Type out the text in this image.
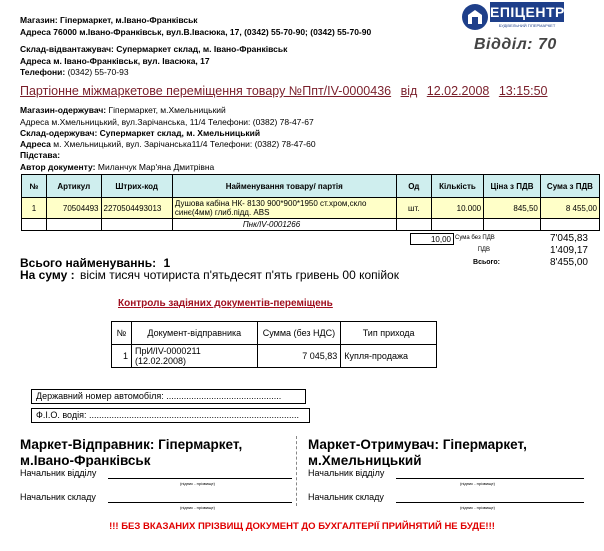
Магазин: Гіпермаркет, м.Івано-Франківськ
Адреса 76000 м.Івано-Франківськ, вул.В.Івасюка, 17, (0342) 55-70-90; (0342) 55-70-90
Склад-відвантажувач: Супермаркет склад, м. Івано-Франківськ
Адреса м. Івано-Франківськ, вул. Івасюка, 17
Телефони: (0342) 55-70-93
ЕПІЦЕНТР
БУДІВЕЛЬНИЙ ГІПЕРМАРКЕТ
Відділ: 70
Партіонне міжмаркетове переміщення товару №Ппт/IV-0000436 від 12.02.2008 13:15:50
Магазин-одержувач: Гіпермаркет, м.Хмельницький
Адреса м.Хмельницький, вул.Зарічанська, 11/4 Телефони: (0382) 78-47-67
Склад-одержувач: Супермаркет склад, м. Хмельницький
Адреса м. Хмельницький, вул. Зарічанська11/4 Телефони: (0382) 78-47-60
Підстава:
Автор документу: Миланчук Мар'яна Дмитрівна
№	Артикул	Штрих-код	Найменування товару/ партія	Од	Кількість	Ціна з ПДВ	Сума з ПДВ
1	70504493	2270504493013	Душова кабіна НК- 8130 900*900*1950 ст.хром,скло синє(4мм) глиб.пiдд. ABS	шт.	10.000	845,50	8 455,00
			Пнк/IV-0001266				
10,00 Сума без ПДВ	7'045,83
ПДВ	1'409,17
Всього:	8'455,00
Всього найменуваннь: 1
На суму : вісім тисяч чотириста п'ятьдесят п'ять гривень 00 копійок
Контроль задіяних документів-переміщень
№	Документ-відправника	Сумма (без НДС)	Тип прихода
1	ПрИ/IV-0000211 (12.02.2008)	7 045,83	Купля-продажа
Державний номер автомобіля: ..............................................
Ф.І.О. водія: ....................................................................................
Маркет-Відправник: Гіпермаркет, м.Івано-Франківськ
Начальник відділу
(підпис - прізвище)
Начальник складу
(підпис - прізвище)
Маркет-Отримувач: Гіпермаркет, м.Хмельницький
Начальник відділу
(підпис - прізвище)
Начальник складу
(підпис - прізвище)
!!! БЕЗ ВКАЗАНИХ ПРІЗВИЩ ДОКУМЕНТ ДО БУХГАЛТЕРІЇ ПРИЙНЯТИЙ НЕ БУДЕ!!!
